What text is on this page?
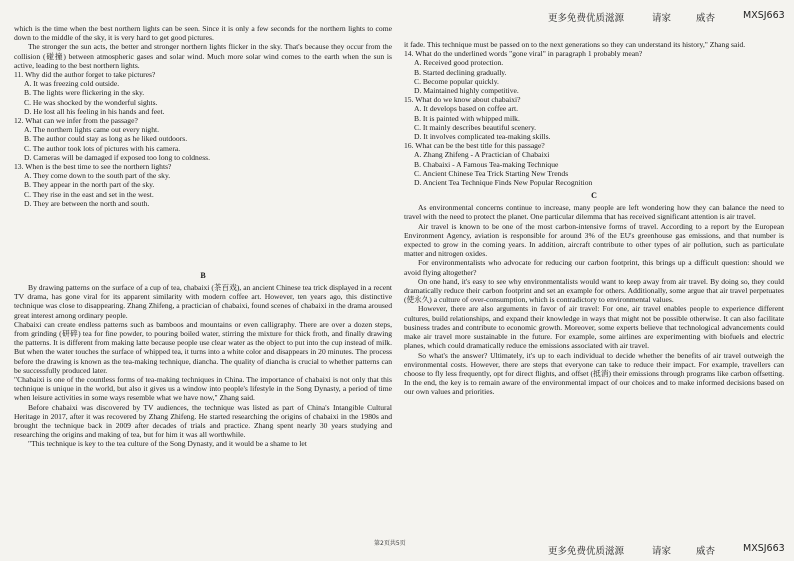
更多免费优质滋源	请家	威杏	MXSJ663

which is the time when the best northern lights can be seen. Since it is only a few seconds for the northern lights to come down to the middle of the sky, it is very hard to get good pictures.

The stronger the sun acts, the better and stronger northern lights flicker in the sky. That's because they occur from the collision (碰撞) between atmospheric gases and solar wind. Much more solar wind comes to the earth when the sun is active, leading to the best northern lights.

11. Why did the author forget to take pictures?

A. It was freezing cold outside.

B. The lights were flickering in the sky.

C. He was shocked by the wonderful sights.

D. He lost all his feeling in his hands and feet.

12. What can we infer from the passage?

A. The northern lights came out every night.

B. The author could stay as long as he liked outdoors.

C. The author took lots of pictures with his camera.

D. Cameras will be damaged if exposed too long to coldness.

13. When is the best time to see the northern lights?

A. They come down to the south part of the sky.

B. They appear in the north part of the sky.

C. They rise in the east and set in the west.

D. They are between the north and south.

B

By drawing patterns on the surface of a cup of tea, chabaixi (茶百戏), an ancient Chinese tea trick displayed in a recent TV drama, has gone viral for its apparent similarity with modern coffee art. However, ten years ago, this distinctive technique was close to disappearing. Zhang Zhifeng, a practician of chabaixi, found scenes of chabaixi in the drama aroused great interest among ordinary people.

Chabaixi can create endless patterns such as bamboos and mountains or even calligraphy. There are over a dozen steps, from grinding (研碎) tea for fine powder, to pouring boiled water, stirring the mixture for thick froth, and finally drawing the patterns. It is different from making latte because people use clear water as the object to put into the cup instead of milk. But when the water touches the surface of whipped tea, it turns into a white color and disappears in 20 minutes. The process before the drawing is known as the tea-making technique, diancha. The quality of diancha is crucial to whether patterns can be successfully produced later.

"Chabaixi is one of the countless forms of tea-making techniques in China. The importance of chabaixi is not only that this technique is unique in the world, but also it gives us a window into people's lifestyle in the Song Dynasty, a period of time when leisure activities in some ways resemble what we have now," Zhang said.

Before chabaixi was discovered by TV audiences, the technique was listed as part of China's Intangible Cultural Heritage in 2017, after it was recovered by Zhang Zhifeng. He started researching the origins of chabaixi in the 1980s and brought the technique back in 2009 after decades of trials and practice. Zhang spent nearly 30 years studying and researching the origins and making of tea, but for him it was all worthwhile.

"This technique is key to the tea culture of the Song Dynasty, and it would be a shame to let

it fade. This technique must be passed on to the next generations so they can understand its history," Zhang said.

14. What do the underlined words "gone viral" in paragraph 1 probably mean?

A. Received good protection.

B. Started declining gradually.

C. Become popular quickly.

D. Maintained highly competitive.

15. What do we know about chabaixi?

A. It develops based on coffee art.

B. It is painted with whipped milk.

C. It mainly describes beautiful scenery.

D. It involves complicated tea-making skills.

16. What can be the best title for this passage?

A. Zhang Zhifeng - A Practician of Chabaixi

B. Chabaixi - A Famous Tea-making Technique

C. Ancient Chinese Tea Trick Starting New Trends

D. Ancient Tea Technique Finds New Popular Recognition

C

As environmental concerns continue to increase, many people are left wondering how they can balance the need to travel with the need to protect the planet. One particular dilemma that has received significant attention is air travel.

Air travel is known to be one of the most carbon-intensive forms of travel. According to a report by the European Environment Agency, aviation is responsible for around 3% of the EU's greenhouse gas emissions, and that number is expected to grow in the coming years. In addition, aircraft contribute to other types of air pollution, such as particulate matter and nitrogen oxides.

For environmentalists who advocate for reducing our carbon footprint, this brings up a difficult question: should we avoid flying altogether?

On one hand, it's easy to see why environmentalists would want to keep away from air travel. By doing so, they could dramatically reduce their carbon footprint and set an example for others. Additionally, some argue that air travel perpetuates (使永久) a culture of over-consumption, which is contradictory to environmental values.

However, there are also arguments in favor of air travel: For one, air travel enables people to experience different cultures, build relationships, and expand their knowledge in ways that might not be possible otherwise. It can also facilitate business trades and contribute to economic growth. Moreover, some experts believe that technological advancements could make air travel more sustainable in the future. For example, some airlines are experimenting with biofuels and electric planes, which could dramatically reduce the emissions associated with air travel.

So what's the answer? Ultimately, it's up to each individual to decide whether the benefits of air travel outweigh the environmental costs. However, there are steps that everyone can take to reduce their impact. For example, travellers can choose to fly less frequently, opt for direct flights, and offset (抵消) their emissions through programs like carbon offsetting. In the end, the key is to remain aware of the environmental impact of our choices and to make informed decisions based on our own values and priorities.

第2页共5页
更多免费优质滋源	请家	威杏	MXSJ663
